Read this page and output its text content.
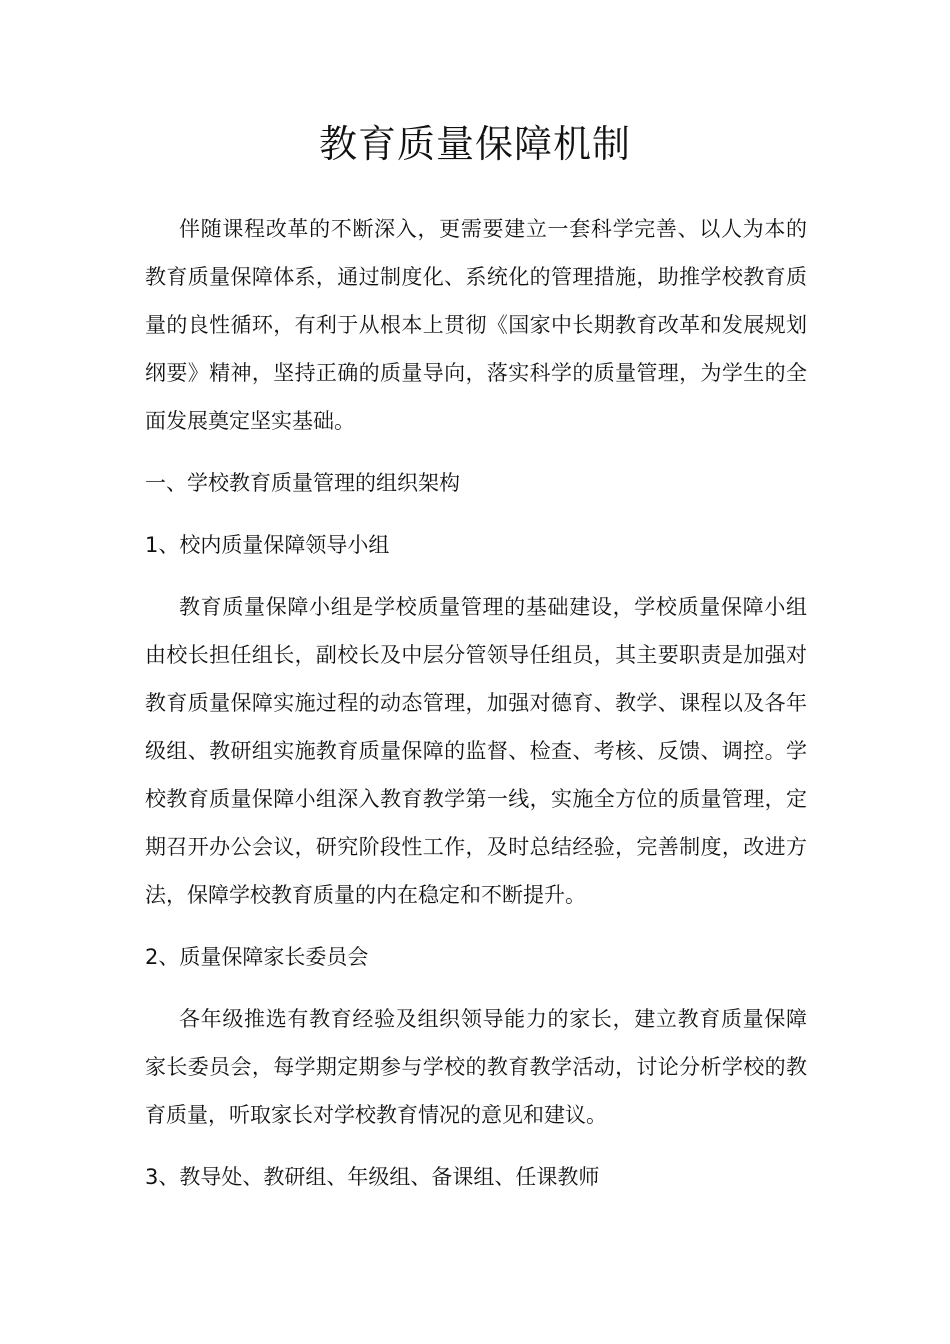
教育质量保障机制

伴随课程改革的不断深入，更需要建立一套科学完善、以人为本的教育质量保障体系，通过制度化、系统化的管理措施，助推学校教育质量的良性循环，有利于从根本上贯彻《国家中长期教育改革和发展规划纲要》精神，坚持正确的质量导向，落实科学的质量管理，为学生的全面发展奠定坚实基础。

一、学校教育质量管理的组织架构

1、校内质量保障领导小组

教育质量保障小组是学校质量管理的基础建设，学校质量保障小组由校长担任组长，副校长及中层分管领导任组员，其主要职责是加强对教育质量保障实施过程的动态管理，加强对德育、教学、课程以及各年级组、教研组实施教育质量保障的监督、检查、考核、反馈、调控。学校教育质量保障小组深入教育教学第一线，实施全方位的质量管理，定期召开办公会议，研究阶段性工作，及时总结经验，完善制度，改进方法，保障学校教育质量的内在稳定和不断提升。

2、质量保障家长委员会

各年级推选有教育经验及组织领导能力的家长，建立教育质量保障家长委员会，每学期定期参与学校的教育教学活动，讨论分析学校的教育质量，听取家长对学校教育情况的意见和建议。

3、教导处、教研组、年级组、备课组、任课教师
